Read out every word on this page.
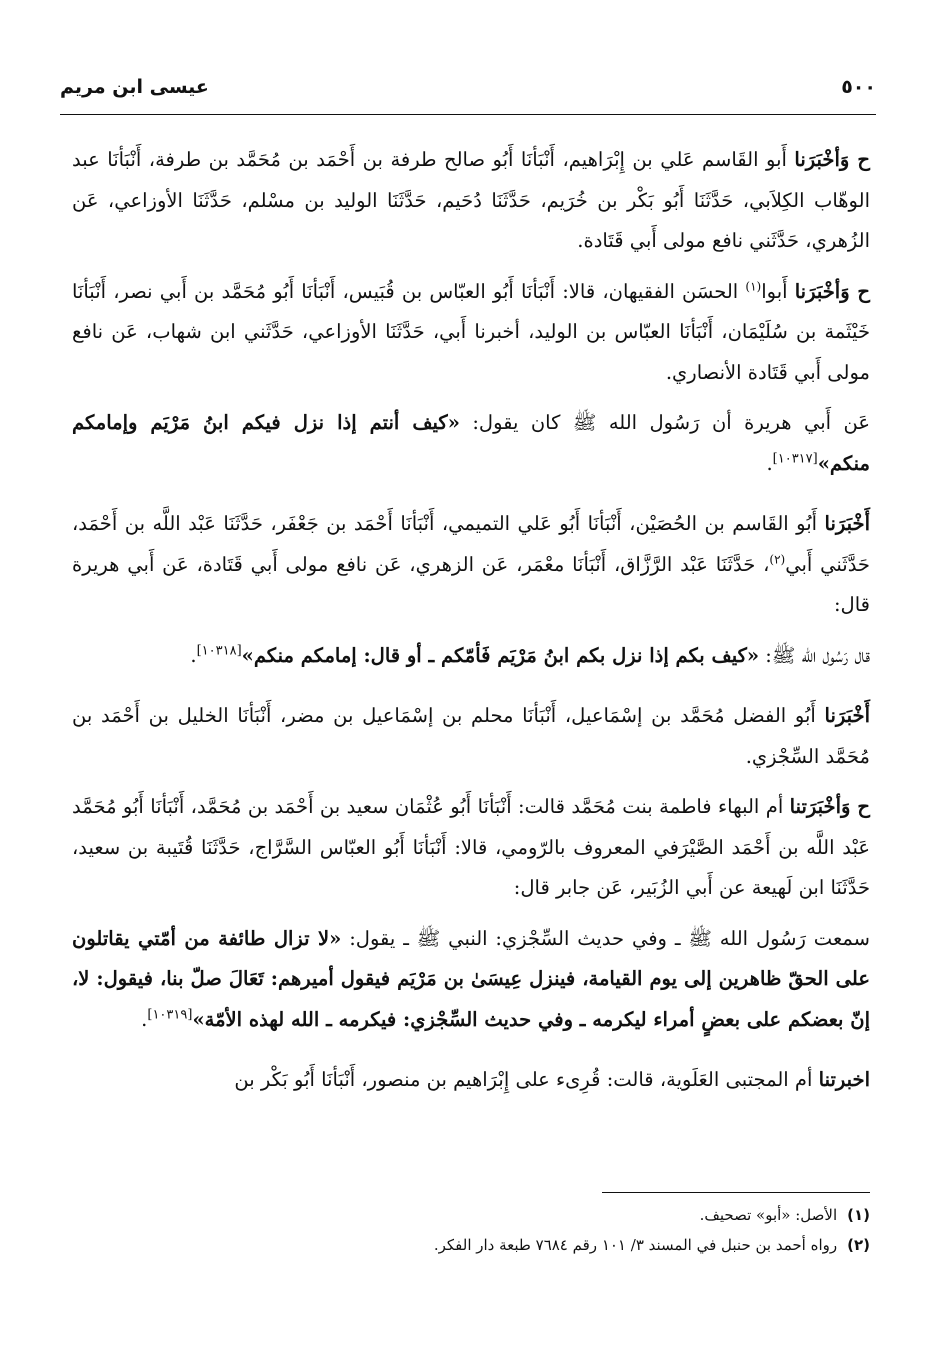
٥٠٠
عيسى ابن مريم

ح وَأخْبَرَنا أَبو القَاسم عَلي بن إِبْرَاهيم، أَنْبَأنَا أَبُو صالح طرفة بن أَحْمَد بن مُحَمَّد بن طرفة، أَنْبَأنَا عبد الوهّاب الكِلاَبي، حَدَّثَنَا أَبُو بَكْر بن خُرَيم، حَدَّثَنَا دُحَيم، حَدَّثَنَا الوليد بن مسْلم، حَدَّثَنَا الأوزاعي، عَن الزُهري، حَدَّثَني نافع مولى أَبي قَتَادة.

ح وَأخْبَرَنا أَبوا$^{(١)}$ الحسَن الفقيهان، قالا: أَنْبَأنَا أَبُو العبّاس بن قُبَيس، أَنْبَأنَا أَبُو مُحَمَّد بن أَبي نصر، أَنْبَأنَا خَيْثَمة بن سُلَيْمَان، أَنْبَأنَا العبّاس بن الوليد، أخبرنا أَبي، حَدَّثَنَا الأوزاعي، حَدَّثَني ابن شهاب، عَن نافع مولى أَبي قَتَادة الأنصاري.

عَن أَبي هريرة أن رَسُول الله ﷺ كان يقول: «كيف أنتم إذا نزل فيكم ابنُ مَرْيَم وإمامكم منكم»[١٠٣١٧].

أَخْبَرَنا أَبُو القَاسم بن الحُصَيْن، أَنْبَأنَا أَبُو عَلي التميمي، أَنْبَأنَا أَحْمَد بن جَعْفَر، حَدَّثَنَا عَبْد اللَّه بن أَحْمَد، حَدَّثَني أَبي$^{(٢)}$، حَدَّثَنَا عَبْد الرَّزَّاق، أَنْبَأنَا معْمَر، عَن الزهري، عَن نافع مولى أَبي قَتَادة، عَن أَبي هريرة قال:

قال رَسُول الله ﷺ: «كيف بكم إذا نزل بكم ابنُ مَرْيَم فَأمّكم ـ أو قال: إمامكم منكم»[١٠٣١٨].

أَخْبَرَنا أَبُو الفضل مُحَمَّد بن إسْمَاعيل، أَنْبَأنَا محلم بن إسْمَاعيل بن مضر، أَنْبَأنَا الخليل بن أَحْمَد بن مُحَمَّد السِّجْزي.

ح وَأخْبَرَتنا أم البهاء فاطمة بنت مُحَمَّد قالت: أَنْبَأنَا أَبُو عُثْمَان سعيد بن أَحْمَد بن مُحَمَّد، أَنْبَأنَا أَبُو مُحَمَّد عَبْد اللَّه بن أَحْمَد الصَّيْرَفي المعروف بالرّومي، قالا: أَنْبَأنَا أَبُو العبّاس السَّرَّاج، حَدَّثَنَا قُتَيبة بن سعيد، حَدَّثَنَا ابن لَهيعة عن أَبي الزُبَير، عَن جابر قال:

سمعت رَسُول الله ﷺ ـ وفي حديث السِّجْزي: النبي ﷺ ـ يقول: «لا تزال طائفة من أمّتي يقاتلون على الحقّ ظاهرين إلى يوم القيامة، فينزل عِيسَىٰ بن مَرْيَم فيقول أميرهم: تَعَالَ صلّ بنا، فيقول: لا، إنّ بعضكم على بعضٍ أمراء ليكرمه ـ وفي حديث السِّجْزي: فيكرمه ـ الله لهذه الأمّة»[١٠٣١٩].

اخبرتنا أم المجتبى العَلَوية، قالت: قُرِىء على إِبْرَاهيم بن منصور، أَنْبَأنَا أَبُو بَكْر بن

(١)الأصل: «أبو» تصحيف.
(٢)رواه أحمد بن حنبل في المسند ٣/ ١٠١ رقم ٧٦٨٤ طبعة دار الفكر.
